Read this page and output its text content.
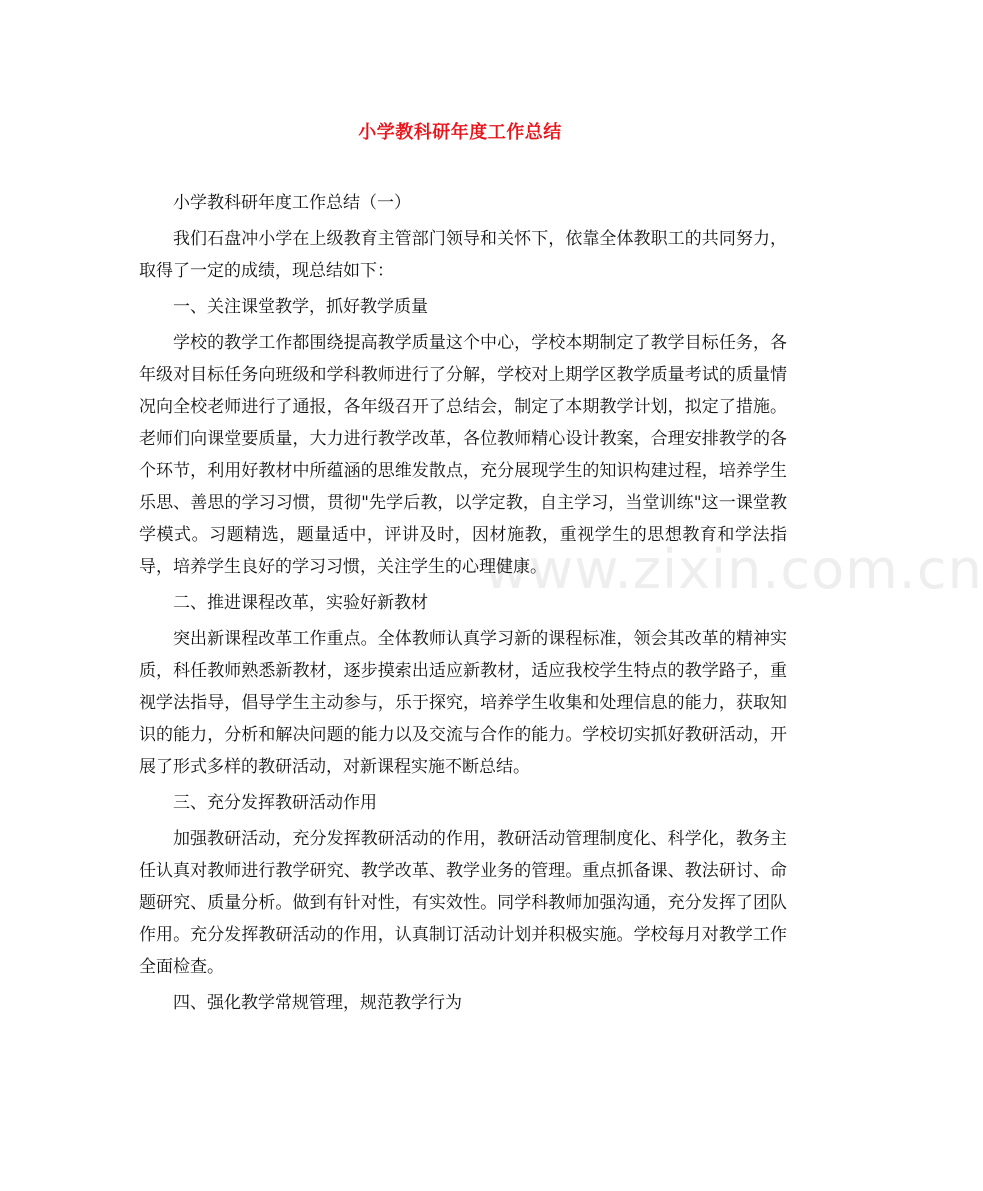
小学教科研年度工作总结
www.zixin.com.cn

小学教科研年度工作总结（一）

我们石盘冲小学在上级教育主管部门领导和关怀下，依靠全体教职工的共同努力，取得了一定的成绩，现总结如下：

一、关注课堂教学，抓好教学质量

学校的教学工作都围绕提高教学质量这个中心，学校本期制定了教学目标任务，各年级对目标任务向班级和学科教师进行了分解，学校对上期学区教学质量考试的质量情况向全校老师进行了通报，各年级召开了总结会，制定了本期教学计划，拟定了措施。老师们向课堂要质量，大力进行教学改革，各位教师精心设计教案，合理安排教学的各个环节，利用好教材中所蕴涵的思维发散点，充分展现学生的知识构建过程，培养学生乐思、善思的学习习惯，贯彻"先学后教，以学定教，自主学习，当堂训练"这一课堂教学模式。习题精选，题量适中，评讲及时，因材施教，重视学生的思想教育和学法指导，培养学生良好的学习习惯，关注学生的心理健康。

二、推进课程改革，实验好新教材

突出新课程改革工作重点。全体教师认真学习新的课程标准，领会其改革的精神实质，科任教师熟悉新教材，逐步摸索出适应新教材，适应我校学生特点的教学路子，重视学法指导，倡导学生主动参与，乐于探究，培养学生收集和处理信息的能力，获取知识的能力，分析和解决问题的能力以及交流与合作的能力。学校切实抓好教研活动，开展了形式多样的教研活动，对新课程实施不断总结。

三、充分发挥教研活动作用

加强教研活动，充分发挥教研活动的作用，教研活动管理制度化、科学化，教务主任认真对教师进行教学研究、教学改革、教学业务的管理。重点抓备课、教法研讨、命题研究、质量分析。做到有针对性，有实效性。同学科教师加强沟通，充分发挥了团队作用。充分发挥教研活动的作用，认真制订活动计划并积极实施。学校每月对教学工作全面检查。

四、强化教学常规管理，规范教学行为
